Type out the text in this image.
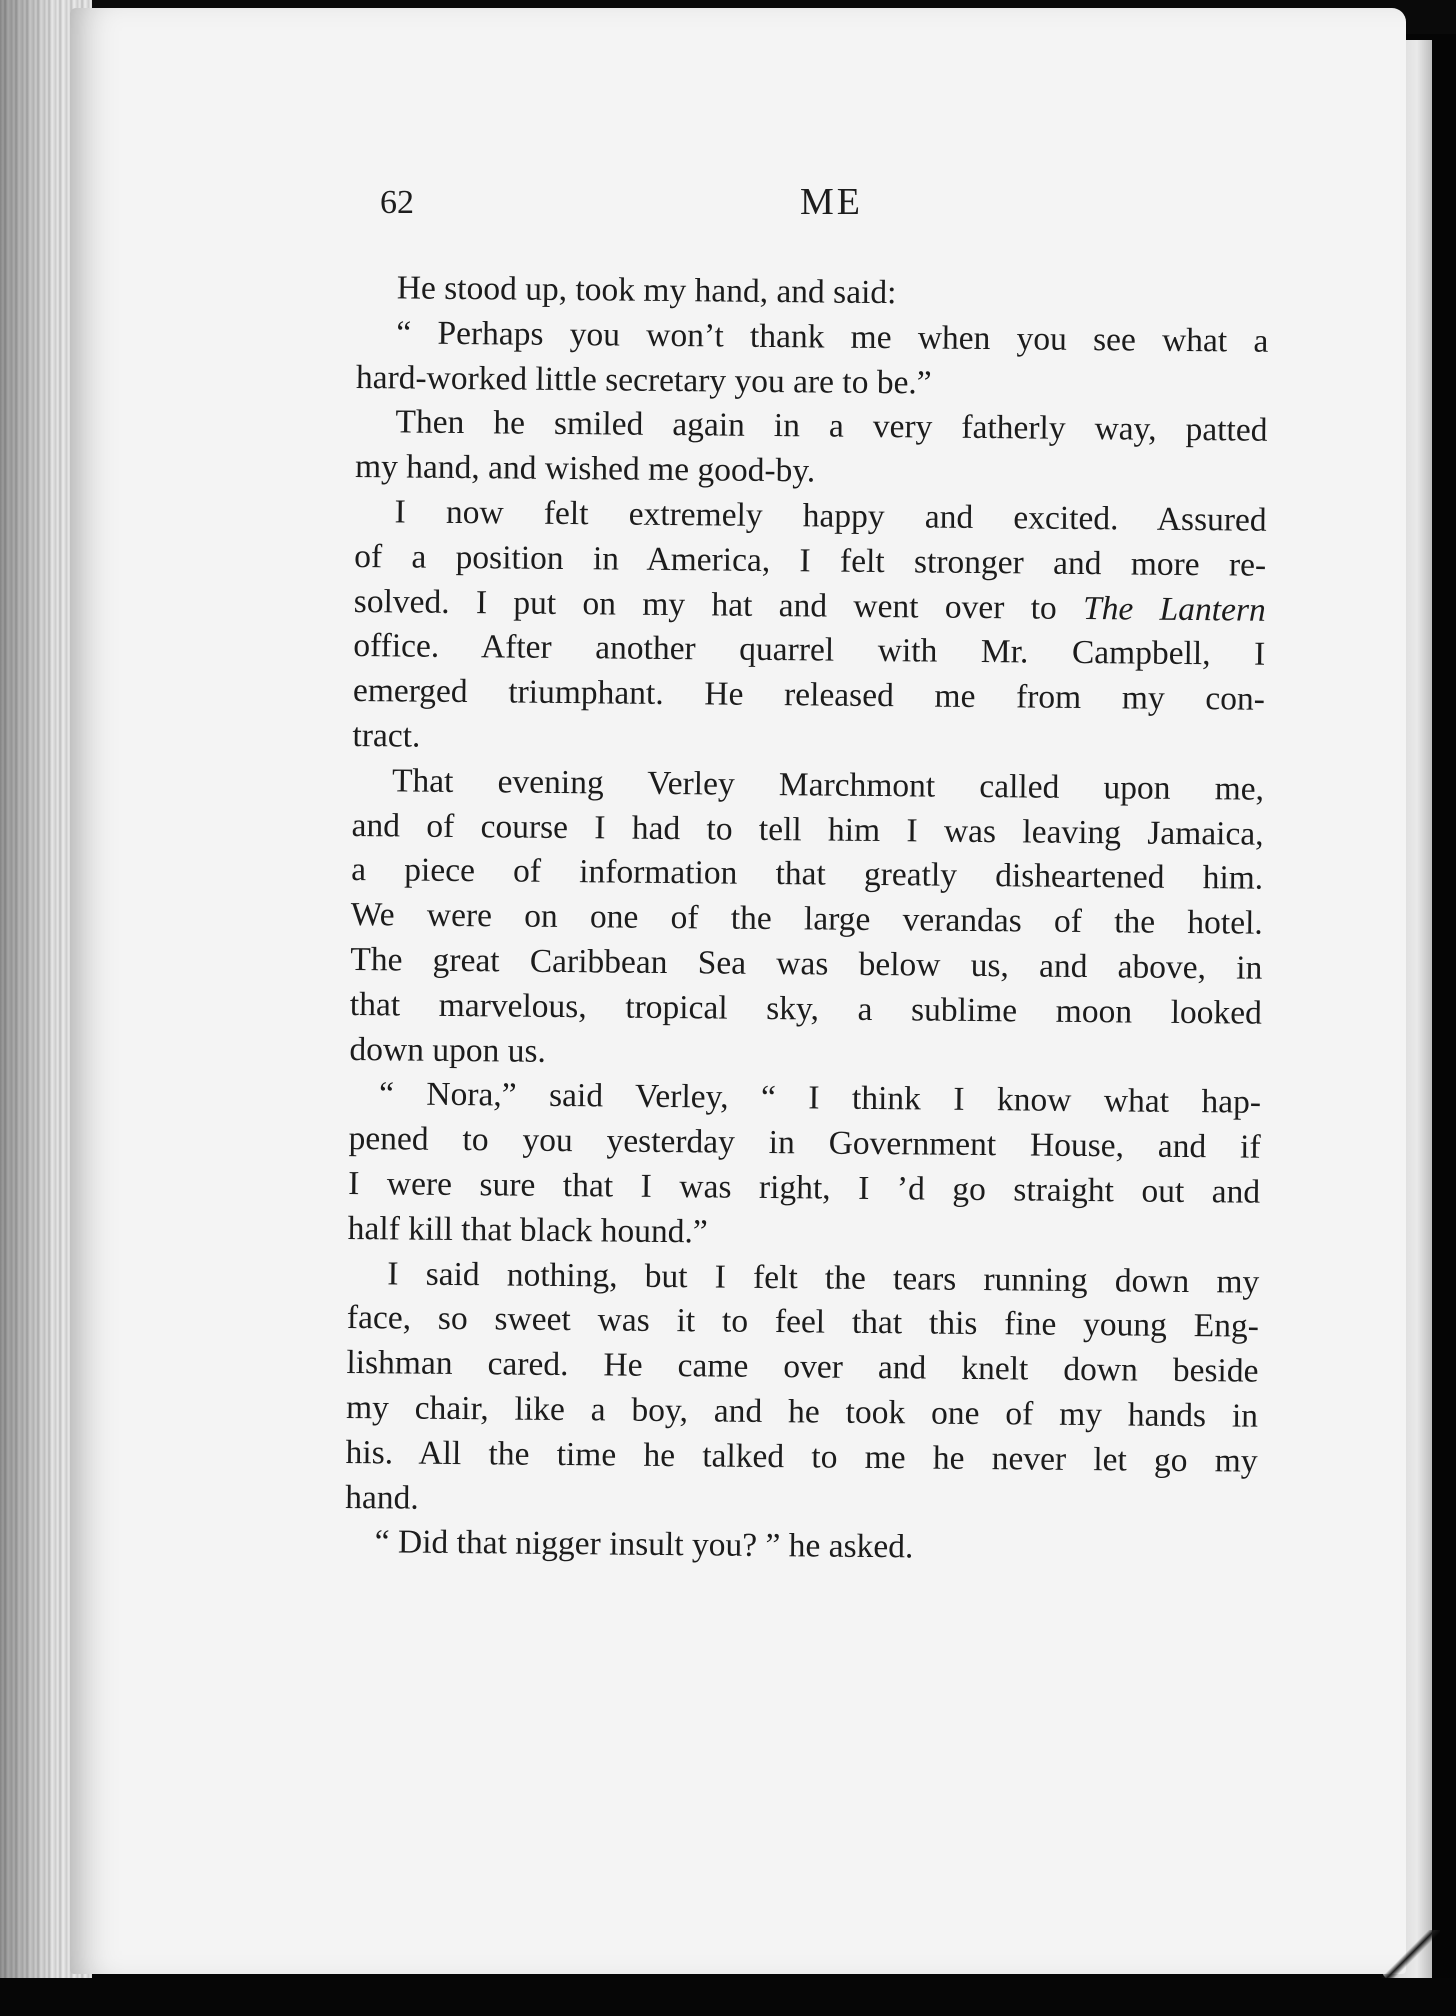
62	ME
He stood up, took my hand, and said:
“ Perhaps you won’t thank me when you see what a
hard-worked little secretary you are to be.”
Then he smiled again in a very fatherly way, patted
my hand, and wished me good-by.
I now felt extremely happy and excited. Assured
of a position in America, I felt stronger and more re-
solved. I put on my hat and went over to The Lantern
office. After another quarrel with Mr. Campbell, I
emerged triumphant. He released me from my con-
tract.
That evening Verley Marchmont called upon me,
and of course I had to tell him I was leaving Jamaica,
a piece of information that greatly disheartened him.
We were on one of the large verandas of the hotel.
The great Caribbean Sea was below us, and above, in
that marvelous, tropical sky, a sublime moon looked
down upon us.
“ Nora,” said Verley, “ I think I know what hap-
pened to you yesterday in Government House, and if
I were sure that I was right, I ’d go straight out and
half kill that black hound.”
I said nothing, but I felt the tears running down my
face, so sweet was it to feel that this fine young Eng-
lishman cared. He came over and knelt down beside
my chair, like a boy, and he took one of my hands in
his. All the time he talked to me he never let go my
hand.
“ Did that nigger insult you? ” he asked.
